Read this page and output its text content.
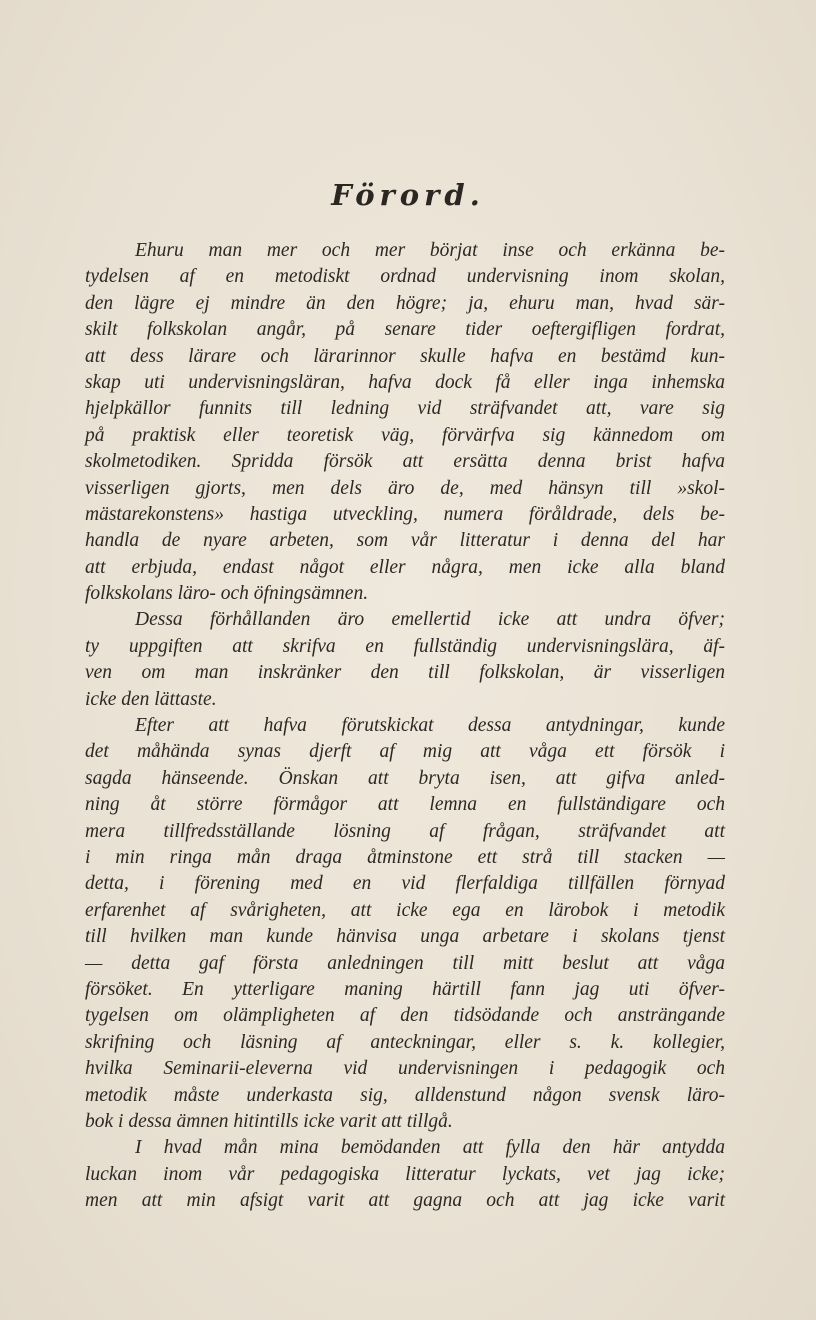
Förord.
Ehuru man mer och mer börjat inse och erkänna be-
tydelsen af en metodiskt ordnad undervisning inom skolan,
den lägre ej mindre än den högre; ja, ehuru man, hvad sär-
skilt folkskolan angår, på senare tider oeftergifligen fordrat,
att dess lärare och lärarinnor skulle hafva en bestämd kun-
skap uti undervisningsläran, hafva dock få eller inga inhemska
hjelpkällor funnits till ledning vid sträfvandet att, vare sig
på praktisk eller teoretisk väg, förvärfva sig kännedom om
skolmetodiken. Spridda försök att ersätta denna brist hafva
visserligen gjorts, men dels äro de, med hänsyn till »skol-
mästarekonstens» hastiga utveckling, numera föråldrade, dels be-
handla de nyare arbeten, som vår litteratur i denna del har
att erbjuda, endast något eller några, men icke alla bland
folkskolans läro- och öfningsämnen.
Dessa förhållanden äro emellertid icke att undra öfver;
ty uppgiften att skrifva en fullständig undervisningslära, äf-
ven om man inskränker den till folkskolan, är visserligen
icke den lättaste.
Efter att hafva förutskickat dessa antydningar, kunde
det måhända synas djerft af mig att våga ett försök i
sagda hänseende. Önskan att bryta isen, att gifva anled-
ning åt större förmågor att lemna en fullständigare och
mera tillfredsställande lösning af frågan, sträfvandet att
i min ringa mån draga åtminstone ett strå till stacken —
detta, i förening med en vid flerfaldiga tillfällen förnyad
erfarenhet af svårigheten, att icke ega en lärobok i metodik
till hvilken man kunde hänvisa unga arbetare i skolans tjenst
— detta gaf första anledningen till mitt beslut att våga
försöket. En ytterligare maning härtill fann jag uti öfver-
tygelsen om olämpligheten af den tidsödande och ansträngande
skrifning och läsning af anteckningar, eller s. k. kollegier,
hvilka Seminarii-eleverna vid undervisningen i pedagogik och
metodik måste underkasta sig, alldenstund någon svensk läro-
bok i dessa ämnen hitintills icke varit att tillgå.
I hvad mån mina bemödanden att fylla den här antydda
luckan inom vår pedagogiska litteratur lyckats, vet jag icke;
men att min afsigt varit att gagna och att jag icke varit
